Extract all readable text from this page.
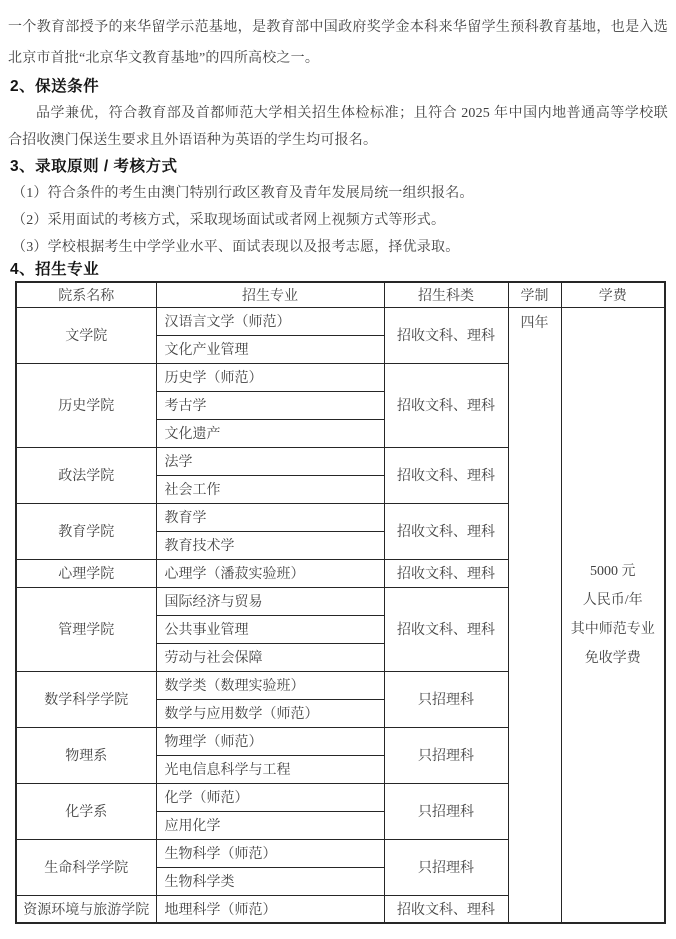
一个教育部授予的来华留学示范基地，是教育部中国政府奖学金本科来华留学生预科教育基地，也是入选北京市首批“北京华文教育基地”的四所高校之一。
2、保送条件
品学兼优，符合教育部及首都师范大学相关招生体检标准；且符合 2025 年中国内地普通高等学校联合招收澳门保送生要求且外语语种为英语的学生均可报名。
3、录取原则 / 考核方式
（1）符合条件的考生由澳门特别行政区教育及青年发展局统一组织报名。
（2）采用面试的考核方式，采取现场面试或者网上视频方式等形式。
（3）学校根据考生中学学业水平、面试表现以及报考志愿，择优录取。
4、招生专业
院系名称	招生专业	招生科类	学制	学费
文学院	汉语言文学（师范）	招收文科、理科	四年	5000 元
人民币/年
其中师范专业
免收学费

	文化产业管理			
历史学院	历史学（师范）	招收文科、理科		
	考古学			
	文化遗产			
政法学院	法学	招收文科、理科		
	社会工作			
教育学院	教育学	招收文科、理科		
	教育技术学			
心理学院	心理学（潘菽实验班）	招收文科、理科		
管理学院	国际经济与贸易	招收文科、理科		
	公共事业管理			
	劳动与社会保障			
数学科学学院	数学类（数理实验班）	只招理科		
	数学与应用数学（师范）			
物理系	物理学（师范）	只招理科		
	光电信息科学与工程			
化学系	化学（师范）	只招理科		
	应用化学			
生命科学学院	生物科学（师范）	只招理科		
	生物科学类			
资源环境与旅游学院	地理科学（师范）	招收文科、理科		
